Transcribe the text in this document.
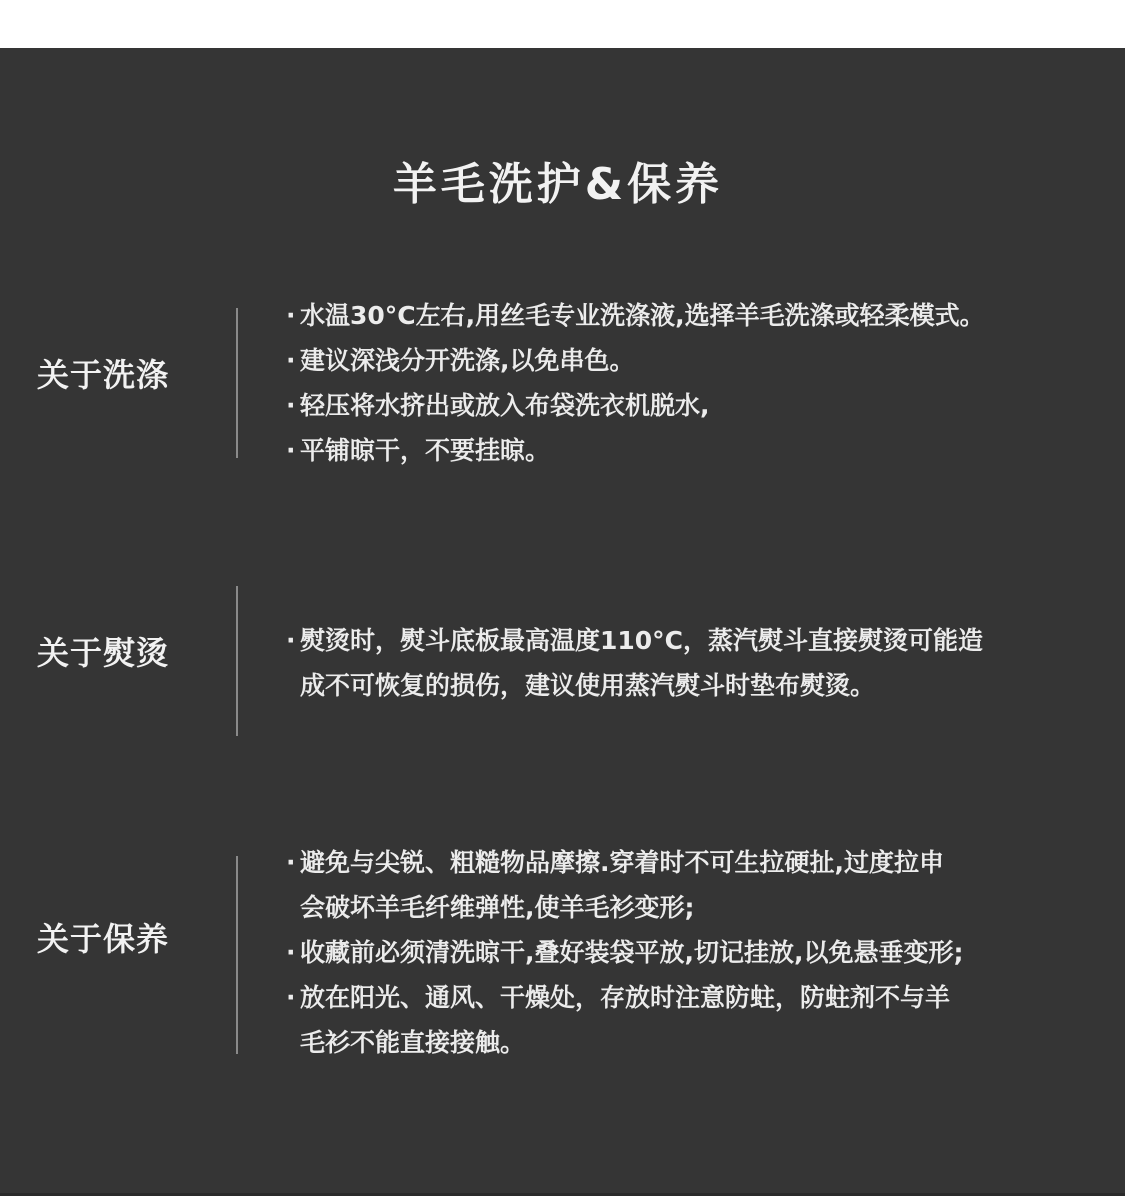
羊毛洗护&保养
关于洗涤
· 水温30°C左右,用丝毛专业洗涤液,选择羊毛洗涤或轻柔模式。
· 建议深浅分开洗涤,以免串色。
· 轻压将水挤出或放入布袋洗衣机脱水,
· 平铺晾干，不要挂晾。
关于熨烫	· 熨烫时，熨斗底板最高温度110°C，蒸汽熨斗直接熨烫可能造
成不可恢复的损伤，建议使用蒸汽熨斗时垫布熨烫。
关于保养
· 避免与尖锐、粗糙物品摩擦.穿着时不可生拉硬扯,过度拉申
会破坏羊毛纤维弹性,使羊毛衫变形;
· 收藏前必须清洗晾干,叠好装袋平放,切记挂放,以免悬垂变形;
· 放在阳光、通风、干燥处，存放时注意防蛀，防蛀剂不与羊
毛衫不能直接接触。
